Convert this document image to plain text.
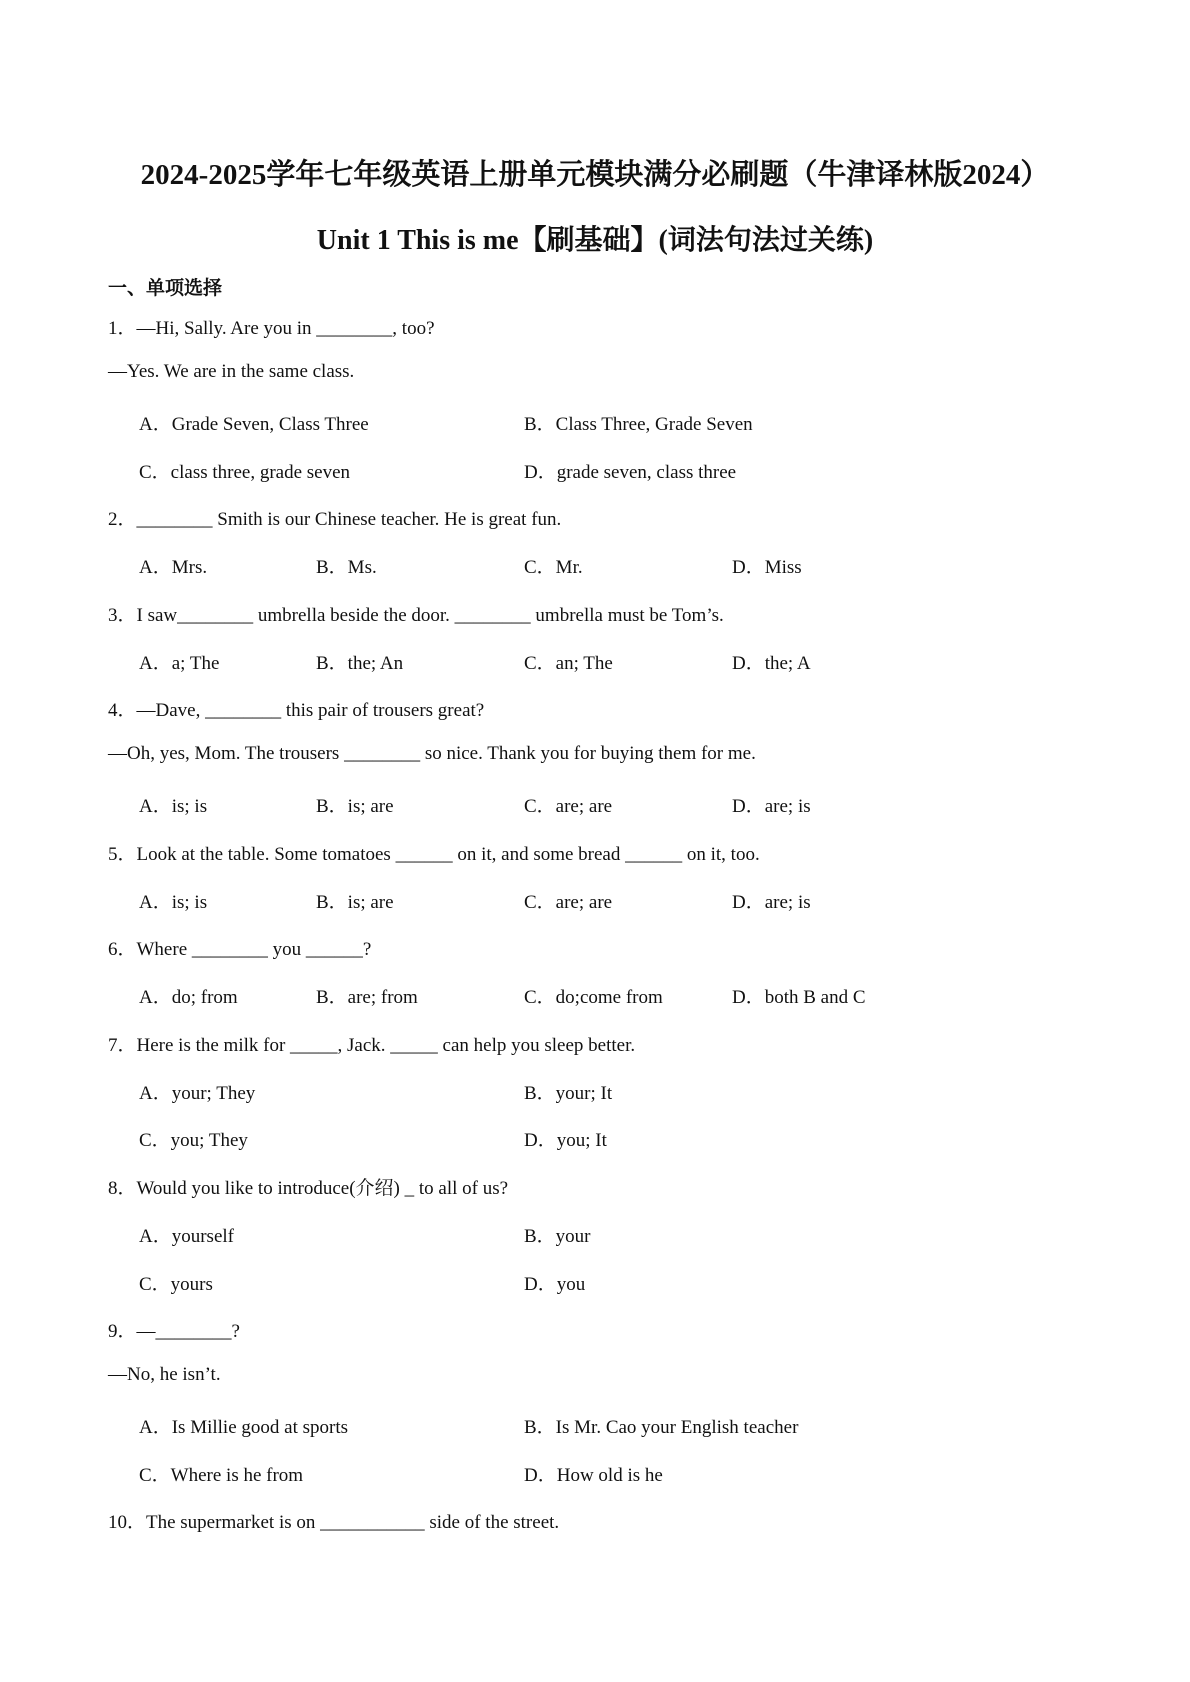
2024-2025学年七年级英语上册单元模块满分必刷题（牛津译林版2024）
Unit 1 This is me【刷基础】(词法句法过关练)
一、单项选择
1．—Hi, Sally. Are you in ________, too?
—Yes. We are in the same class.
A．Grade Seven, Class Three	B．Class Three, Grade Seven
C．class three, grade seven	D．grade seven, class three
2．________ Smith is our Chinese teacher. He is great fun.
A．Mrs.	B．Ms.	C．Mr.	D．Miss
3．I saw________ umbrella beside the door. ________ umbrella must be Tom’s.
A．a; The	B．the; An	C．an; The	D．the; A
4．—Dave, ________ this pair of trousers great?
—Oh, yes, Mom. The trousers ________ so nice. Thank you for buying them for me.
A．is; is	B．is; are	C．are; are	D．are; is
5．Look at the table. Some tomatoes ______ on it, and some bread ______ on it, too.
A．is; is	B．is; are	C．are; are	D．are; is
6．Where ________ you ______?
A．do; from	B．are; from	C．do;come from	D．both B and C
7．Here is the milk for _____, Jack. _____ can help you sleep better.
A．your; They	B．your; It
C．you; They	D．you; It
8．Would you like to introduce(介绍) _ to all of us?
A．yourself	B．your
C．yours	D．you
9．—________?
—No, he isn’t.
A．Is Millie good at sports	B．Is Mr. Cao your English teacher
C．Where is he from	D．How old is he
10．The supermarket is on ___________ side of the street.
